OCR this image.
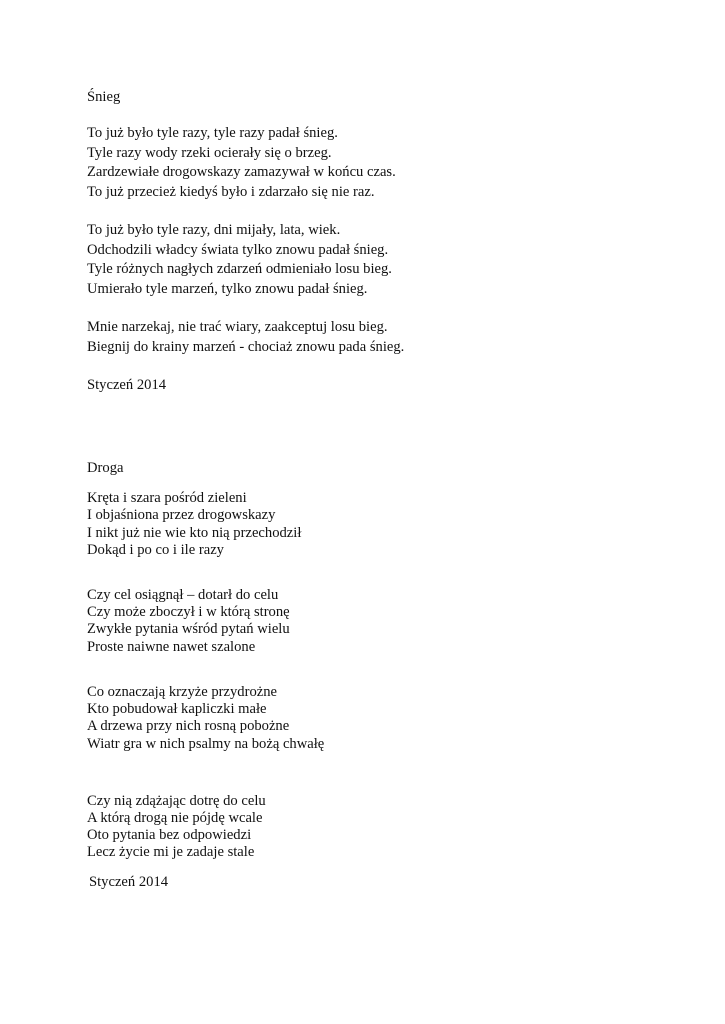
Śnieg
To już było tyle razy, tyle razy padał śnieg.
Tyle razy wody rzeki ocierały się o brzeg.
Zardzewiałe drogowskazy zamazywał w końcu czas.
To już przecież kiedyś było i zdarzało się nie raz.
To już było tyle razy, dni mijały, lata, wiek.
Odchodzili władcy świata tylko znowu padał śnieg.
Tyle różnych nagłych zdarzeń odmieniało losu bieg.
Umierało tyle marzeń, tylko znowu padał śnieg.
Mnie narzekaj, nie trać wiary, zaakceptuj losu bieg.
Biegnij do krainy marzeń - chociaż znowu pada śnieg.
Styczeń 2014
Droga
Kręta i szara pośród zieleni
I objaśniona przez drogowskazy
I nikt już nie wie kto nią przechodził
Dokąd i po co i ile razy
Czy cel osiągnął – dotarł do celu
Czy może zboczył i w którą stronę
Zwykłe pytania wśród pytań wielu
Proste naiwne nawet szalone
Co oznaczają krzyże przydrożne
Kto pobudował kapliczki małe
A drzewa przy nich rosną pobożne
Wiatr gra w nich psalmy na bożą chwałę
Czy nią zdążając dotrę do celu
A którą drogą nie pójdę wcale
Oto pytania bez odpowiedzi
Lecz życie mi je zadaje stale
Styczeń 2014
